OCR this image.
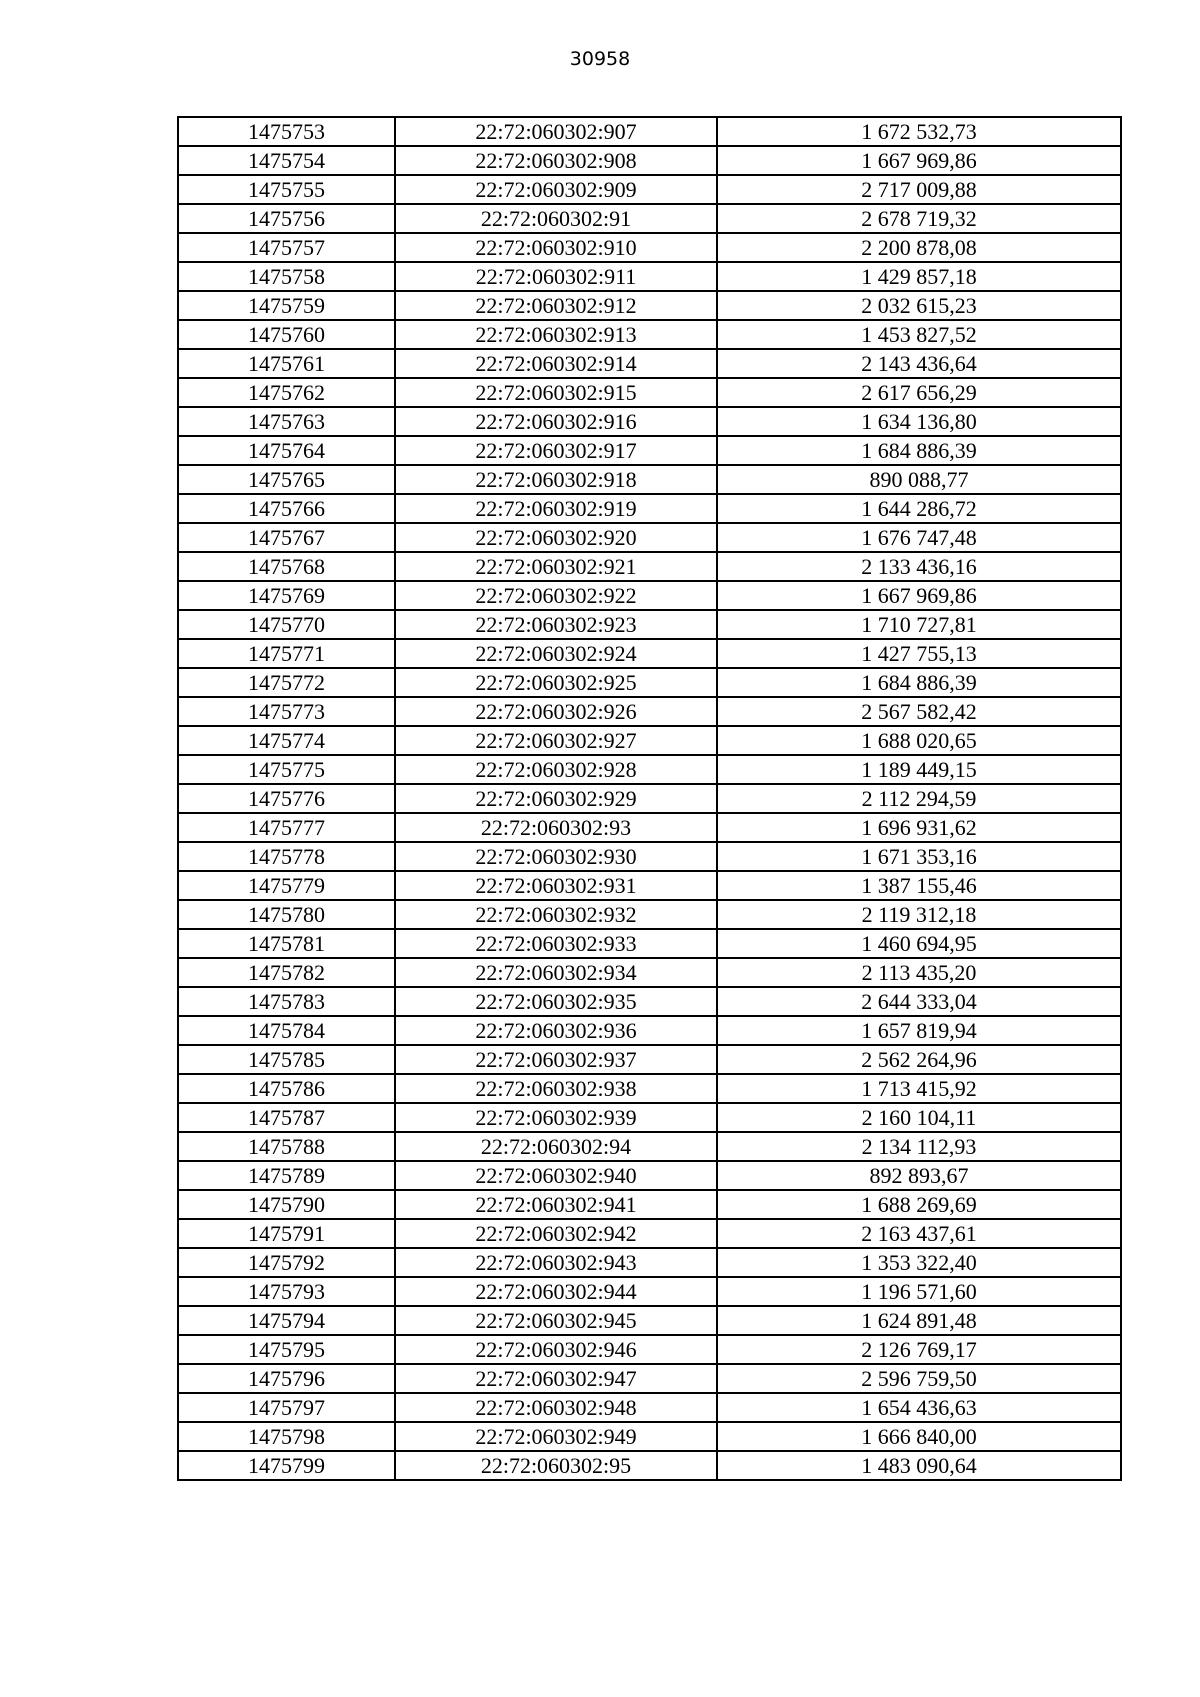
30958
1475753	22:72:060302:907	1 672 532,73
1475754	22:72:060302:908	1 667 969,86
1475755	22:72:060302:909	2 717 009,88
1475756	22:72:060302:91	2 678 719,32
1475757	22:72:060302:910	2 200 878,08
1475758	22:72:060302:911	1 429 857,18
1475759	22:72:060302:912	2 032 615,23
1475760	22:72:060302:913	1 453 827,52
1475761	22:72:060302:914	2 143 436,64
1475762	22:72:060302:915	2 617 656,29
1475763	22:72:060302:916	1 634 136,80
1475764	22:72:060302:917	1 684 886,39
1475765	22:72:060302:918	890 088,77
1475766	22:72:060302:919	1 644 286,72
1475767	22:72:060302:920	1 676 747,48
1475768	22:72:060302:921	2 133 436,16
1475769	22:72:060302:922	1 667 969,86
1475770	22:72:060302:923	1 710 727,81
1475771	22:72:060302:924	1 427 755,13
1475772	22:72:060302:925	1 684 886,39
1475773	22:72:060302:926	2 567 582,42
1475774	22:72:060302:927	1 688 020,65
1475775	22:72:060302:928	1 189 449,15
1475776	22:72:060302:929	2 112 294,59
1475777	22:72:060302:93	1 696 931,62
1475778	22:72:060302:930	1 671 353,16
1475779	22:72:060302:931	1 387 155,46
1475780	22:72:060302:932	2 119 312,18
1475781	22:72:060302:933	1 460 694,95
1475782	22:72:060302:934	2 113 435,20
1475783	22:72:060302:935	2 644 333,04
1475784	22:72:060302:936	1 657 819,94
1475785	22:72:060302:937	2 562 264,96
1475786	22:72:060302:938	1 713 415,92
1475787	22:72:060302:939	2 160 104,11
1475788	22:72:060302:94	2 134 112,93
1475789	22:72:060302:940	892 893,67
1475790	22:72:060302:941	1 688 269,69
1475791	22:72:060302:942	2 163 437,61
1475792	22:72:060302:943	1 353 322,40
1475793	22:72:060302:944	1 196 571,60
1475794	22:72:060302:945	1 624 891,48
1475795	22:72:060302:946	2 126 769,17
1475796	22:72:060302:947	2 596 759,50
1475797	22:72:060302:948	1 654 436,63
1475798	22:72:060302:949	1 666 840,00
1475799	22:72:060302:95	1 483 090,64
